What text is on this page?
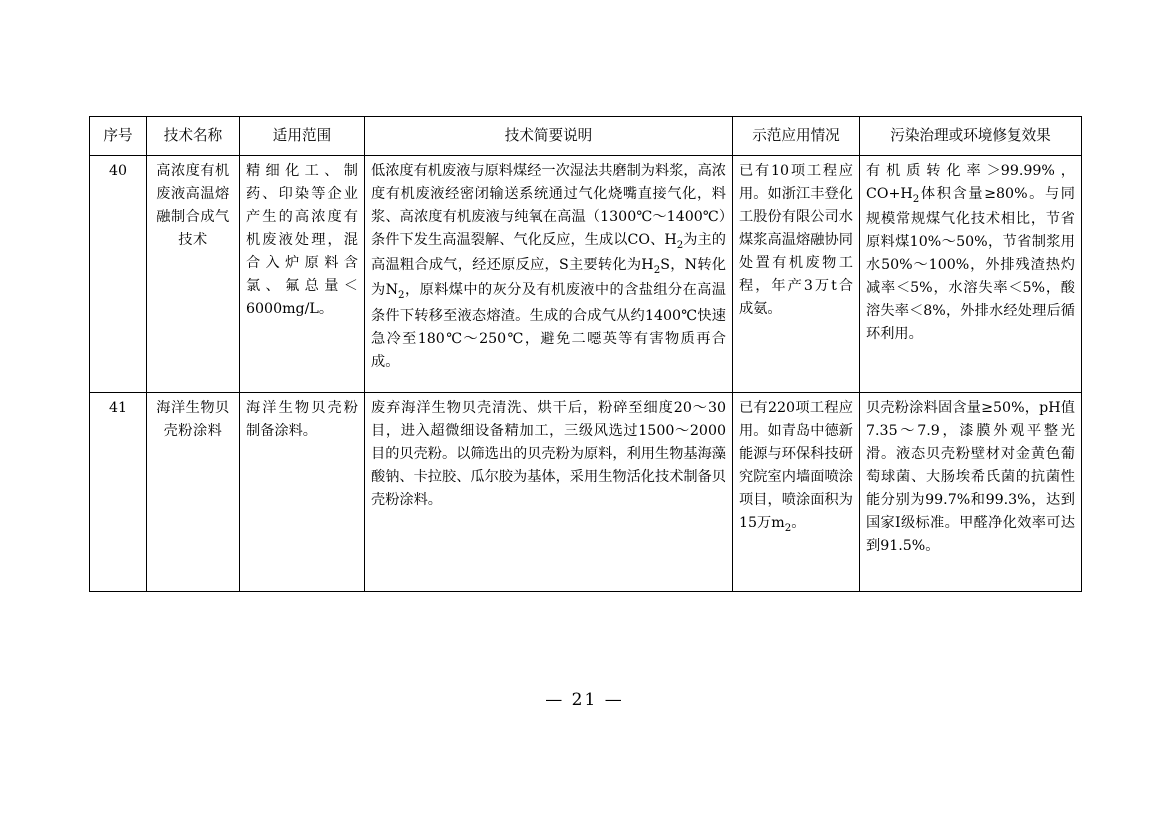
序号	技术名称	适用范围	技术简要说明	示范应用情况	污染治理或环境修复效果
40	高浓度有机废液高温熔融制合成气技术	精细化工、制药、印染等企业产生的高浓度有机废液处理，混合入炉原料含氯、氟总量＜6000mg/L。	低浓度有机废液与原料煤经一次湿法共磨制为料浆，高浓度有机废液经密闭输送系统通过气化烧嘴直接气化，料浆、高浓度有机废液与纯氧在高温（1300℃～1400℃）条件下发生高温裂解、气化反应，生成以CO、$H_2$为主的高温粗合成气，经还原反应，S主要转化为$H_2S$，N转化为$N_2$，原料煤中的灰分及有机废液中的含盐组分在高温条件下转移至液态熔渣。生成的合成气从约1400℃快速急冷至180℃～250℃，避免二噁英等有害物质再合成。	已有10项工程应用。如浙江丰登化工股份有限公司水煤浆高温熔融协同处置有机废物工程，年产3万t合成氨。	有机质转化率＞99.99%，$CO+H_2$体积含量≥80%。与同规模常规煤气化技术相比，节省原料煤10%～50%，节省制浆用水50%～100%，外排残渣热灼减率＜5%，水溶失率＜5%，酸溶失率＜8%，外排水经处理后循环利用。
41	海洋生物贝壳粉涂料	海洋生物贝壳粉制备涂料。	废弃海洋生物贝壳清洗、烘干后，粉碎至细度20～30目，进入超微细设备精加工，三级风选过1500～2000目的贝壳粉。以筛选出的贝壳粉为原料，利用生物基海藻酸钠、卡拉胶、瓜尔胶为基体，采用生物活化技术制备贝壳粉涂料。	已有220项工程应用。如青岛中德新能源与环保科技研究院室内墙面喷涂项目，喷涂面积为15万$m_2$。	贝壳粉涂料固含量≥50%，pH值7.35～7.9，漆膜外观平整光滑。液态贝壳粉壁材对金黄色葡萄球菌、大肠埃希氏菌的抗菌性能分别为99.7%和99.3%，达到国家Ⅰ级标准。甲醛净化效率可达到91.5%。
— 21 —
